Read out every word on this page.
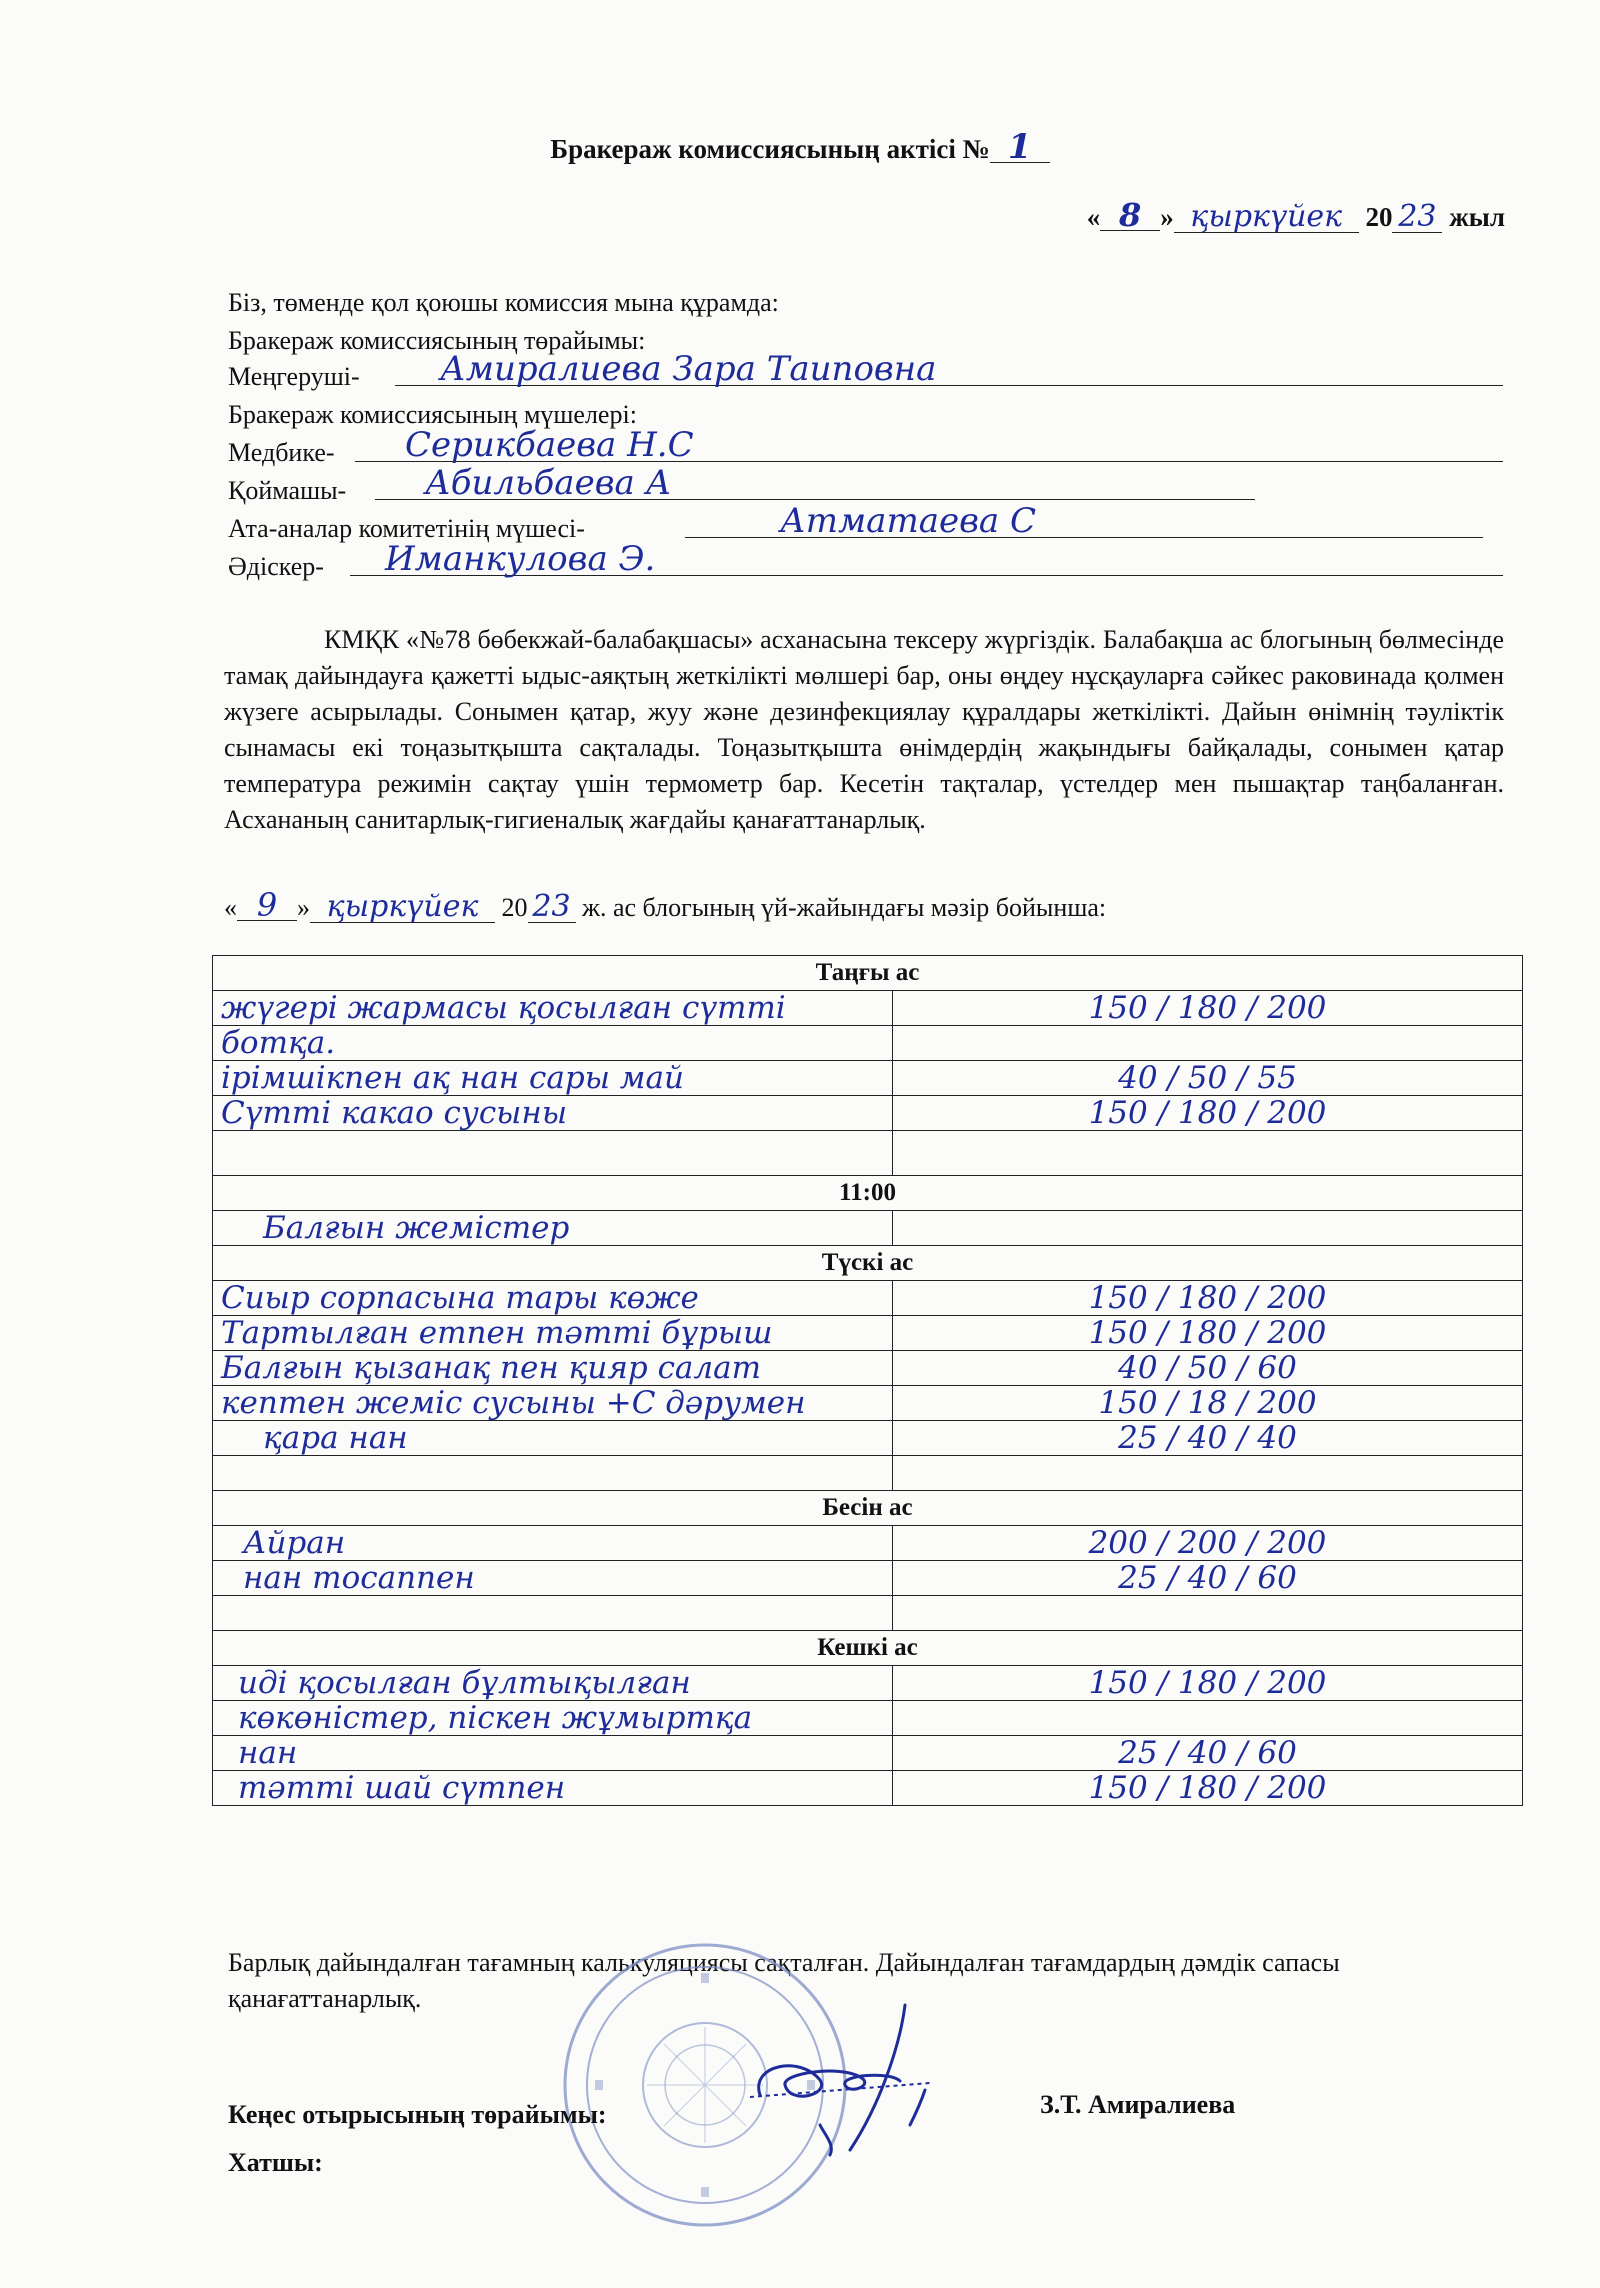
Бракераж комиссиясының актісі № 1
« 8 » қыркүйек 20 23 жыл
Біз, төменде қол қоюшы комиссия мына құрамда:
Бракераж комиссиясының төрайымы:
Меңгеруші-	Амиралиева Зара Таиповна
Бракераж комиссиясының мүшелері:
Медбике-	Серикбаева Н.С
Қоймашы-	Абильбаева А
Ата-аналар комитетінің мүшесі-	Атматаева С
Әдіскер-	Иманкулова Э.
КМҚК «№78 бөбекжай-балабақшасы» асханасына тексеру жүргіздік. Балабақша ас блогының бөлмесінде тамақ дайындауға қажетті ыдыс-аяқтың жеткілікті мөлшері бар, оны өңдеу нұсқауларға сәйкес раковинада қолмен жүзеге асырылады. Сонымен қатар, жуу және дезинфекциялау құралдары жеткілікті. Дайын өнімнің тәуліктік сынамасы екі тоңазытқышта сақталады. Тоңазытқышта өнімдердің жақындығы байқалады, сонымен қатар температура режимін сақтау үшін термометр бар. Кесетін тақталар, үстелдер мен пышақтар таңбаланған. Асхананың санитарлық-гигиеналық жағдайы қанағаттанарлық.
« 9 » қыркүйек 20 23 ж. ас блогының үй-жайындағы мәзір бойынша:
Таңғы ас	
жүгері жармасы қосылған сүтті	150 / 180 / 200
ботқа.	
ірімшікпен ақ нан сары май	40 / 50 / 55
Сүтті какао сусыны	150 / 180 / 200

11:00	
Балғын жемістер	
Түскі ас	
Сиыр сорпасына тары көже	150 / 180 / 200
Тартылған етпен тәтті бұрыш	150 / 180 / 200
Балғын қызанақ пен қияр салат	40 / 50 / 60
кептен жеміс сусыны +С дәрумен	150 / 18 / 200
қара нан	25 / 40 / 40

Бесін ас	
Айран	200 / 200 / 200
нан тосаппен	25 / 40 / 60

Кешкі ас	
иді қосылған бұлтықылған	150 / 180 / 200
көкөністер, піскен жұмыртқа	
нан	25 / 40 / 60
тәтті шай сүтпен	150 / 180 / 200
Барлық дайындалған тағамның калькуляциясы сақталған. Дайындалған тағамдардың дәмдік сапасы қанағаттанарлық.
Кеңес отырысының төрайымы:	З.Т. Амиралиева
Хатшы:
